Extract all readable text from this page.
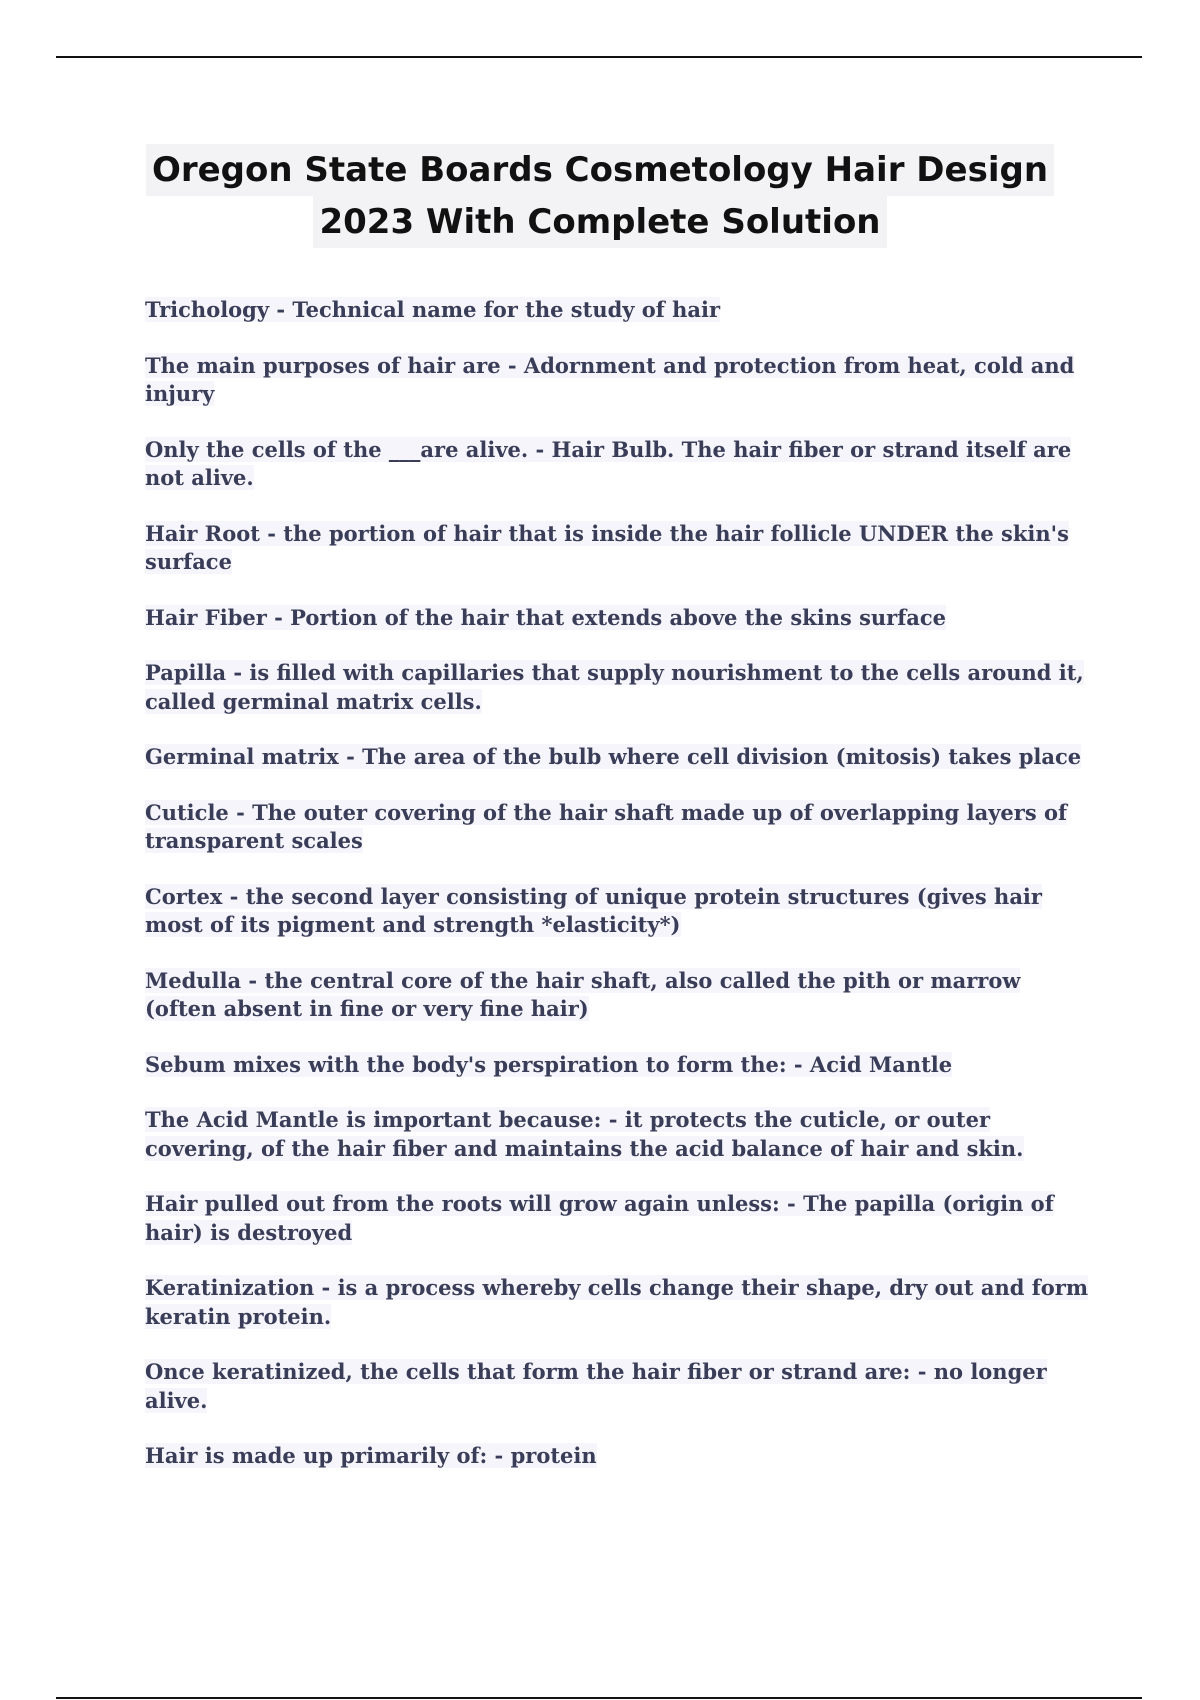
Oregon State Boards Cosmetology Hair Design
2023 With Complete Solution

Trichology - Technical name for the study of hair

The main purposes of hair are - Adornment and protection from heat, cold and injury

Only the cells of the ___are alive. - Hair Bulb. The hair fiber or strand itself are not alive.

Hair Root - the portion of hair that is inside the hair follicle UNDER the skin's surface

Hair Fiber - Portion of the hair that extends above the skins surface

Papilla - is filled with capillaries that supply nourishment to the cells around it, called germinal matrix cells.

Germinal matrix - The area of the bulb where cell division (mitosis) takes place

Cuticle - The outer covering of the hair shaft made up of overlapping layers of transparent scales

Cortex - the second layer consisting of unique protein structures (gives hair most of its pigment and strength *elasticity*)

Medulla - the central core of the hair shaft, also called the pith or marrow (often absent in fine or very fine hair)

Sebum mixes with the body's perspiration to form the: - Acid Mantle

The Acid Mantle is important because: - it protects the cuticle, or outer covering, of the hair fiber and maintains the acid balance of hair and skin.

Hair pulled out from the roots will grow again unless: - The papilla (origin of hair) is destroyed

Keratinization - is a process whereby cells change their shape, dry out and form keratin protein.

Once keratinized, the cells that form the hair fiber or strand are: - no longer alive.

Hair is made up primarily of: - protein
